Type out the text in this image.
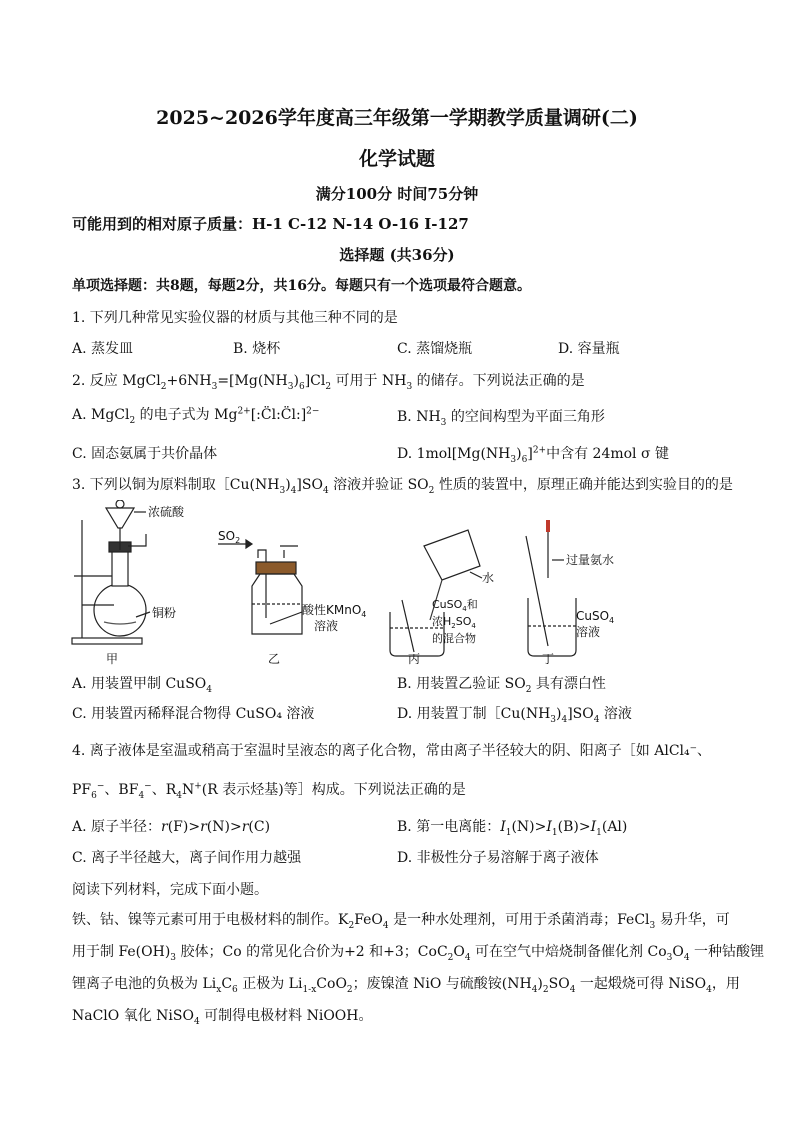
2025~2026学年度高三年级第一学期教学质量调研(二)
化学试题
满分100分 时间75分钟
可能用到的相对原子质量：H-1 C-12 N-14 O-16 I-127
选择题 (共36分)
单项选择题：共8题，每题2分，共16分。每题只有一个选项最符合题意。
1. 下列几种常见实验仪器的材质与其他三种不同的是
A. 蒸发皿	B. 烧杯	C. 蒸馏烧瓶	D. 容量瓶
2. 反应 $MgCl_2+6NH_3=[Mg(NH_3)_6]Cl_2$ 可用于 $NH_3$ 的储存。下列说法正确的是
A. MgCl$_2$ 的电子式为 $Mg^{2+}[:C̈l:C̈l:]^{2-}$	B. $NH_3$ 的空间构型为平面三角形
C. 固态氨属于共价晶体	D. $1mol[Mg(NH_3)_6]^{2+}$中含有 24mol σ 键
3. 下列以铜为原料制取$[Cu(NH_3)_4]SO_4$ 溶液并验证 $SO_2$ 性质的装置中，原理正确并能达到实验目的的是
浓硫酸
铜粉
甲
$SO_2$
酸性KMnO$_4$
溶液
乙
水
CuSO$_4$和
浓$H_2SO_4$
的混合物
丙
过量氨水
CuSO$_4$
溶液
丁
A. 用装置甲制 CuSO$_4$	B. 用装置乙验证 $SO_2$ 具有漂白性
C. 用装置丙稀释混合物得 CuSO₄ 溶液	D. 用装置丁制$[Cu(NH_3)_4]SO_4$ 溶液
4. 离子液体是室温或稍高于室温时呈液态的离子化合物，常由离子半径较大的阴、阳离子［如 AlCl₄⁻、
$PF_6^-$、$BF_4^-$、$R_4N^+(R$ 表示烃基)等］构成。下列说法正确的是
A. 原子半径：r(F)>r(N)>r(C)	B. 第一电离能：$I_1(N)>I_1(B)>I_1(Al)$
C. 离子半径越大，离子间作用力越强	D. 非极性分子易溶解于离子液体
阅读下列材料，完成下面小题。
铁、钴、镍等元素可用于电极材料的制作。$K_2FeO_4$ 是一种水处理剂，可用于杀菌消毒；FeCl$_3$ 易升华，可
用于制 $Fe(OH)_3$ 胶体；Co 的常见化合价为+2 和+3；$CoC_2O_4$ 可在空气中焙烧制备催化剂 $Co_3O_4$ 一种钴酸锂
锂离子电池的负极为 $Li_xC_6$ 正极为 $Li_{1-x}CoO_2$；废镍渣 NiO 与硫酸铵$(NH_4)_2SO_4$ 一起煅烧可得 NiSO$_4$，用
NaClO 氧化 NiSO$_4$ 可制得电极材料 NiOOH。
